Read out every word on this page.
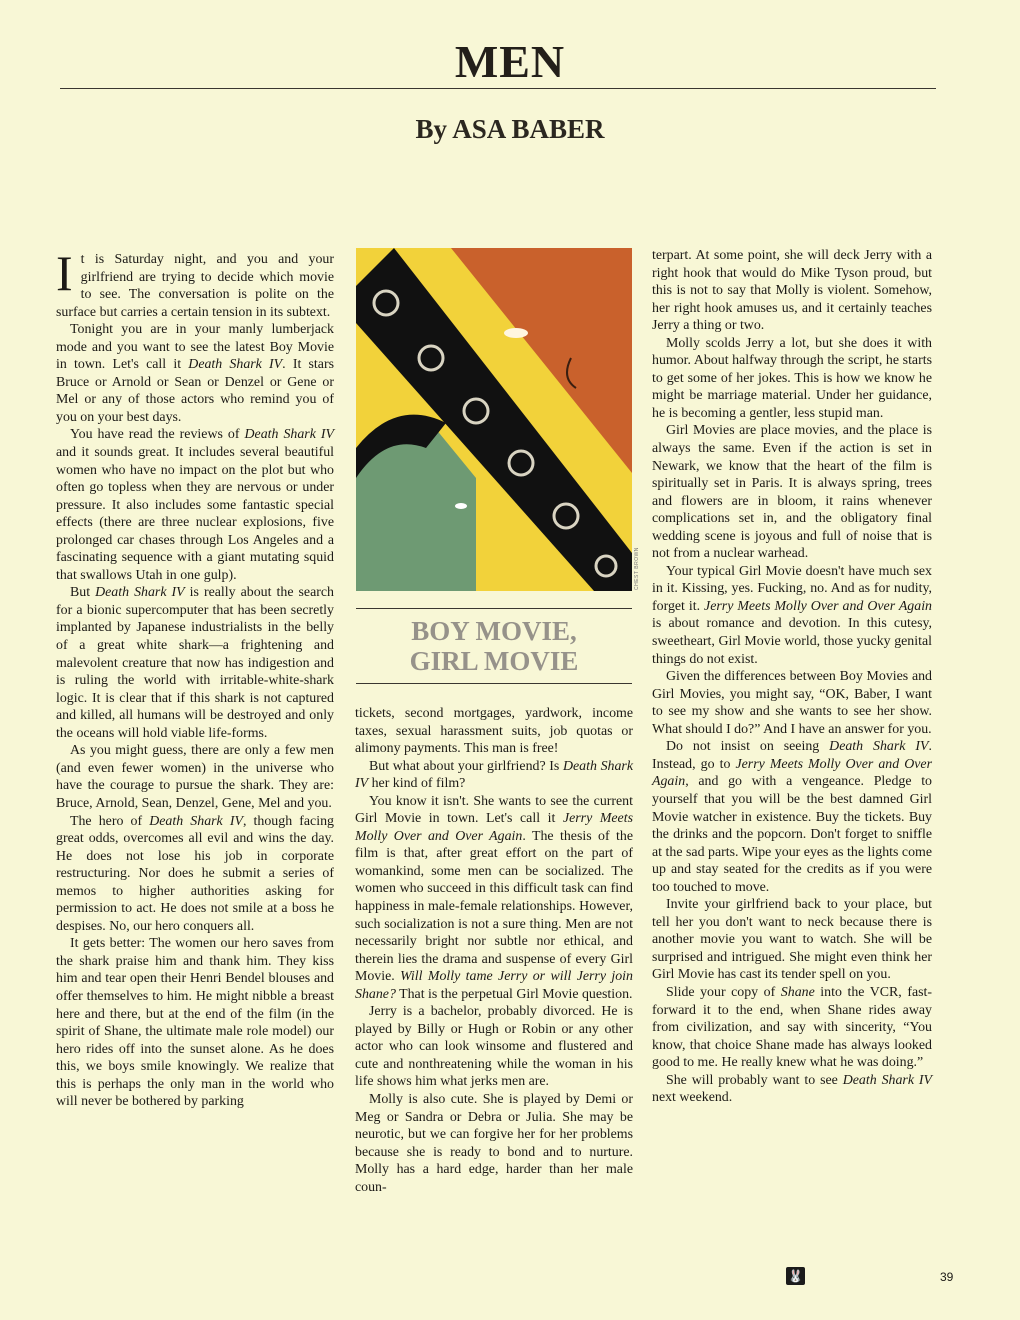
MEN
By ASA BABER

I t is Saturday night, and you and your girlfriend are trying to decide which movie to see. The conversation is polite on the surface but carries a certain tension in its subtext.

Tonight you are in your manly lumberjack mode and you want to see the latest Boy Movie in town. Let's call it Death Shark IV. It stars Bruce or Arnold or Sean or Denzel or Gene or Mel or any of those actors who remind you of you on your best days.

You have read the reviews of Death Shark IV and it sounds great. It includes several beautiful women who have no impact on the plot but who often go topless when they are nervous or under pressure. It also includes some fantastic special effects (there are three nuclear explosions, five prolonged car chases through Los Angeles and a fascinating sequence with a giant mutating squid that swallows Utah in one gulp).

But Death Shark IV is really about the search for a bionic supercomputer that has been secretly implanted by Japanese industrialists in the belly of a great white shark—a frightening and malevolent creature that now has indigestion and is ruling the world with irritable-white-shark logic. It is clear that if this shark is not captured and killed, all humans will be destroyed and only the oceans will hold viable life-forms.

As you might guess, there are only a few men (and even fewer women) in the universe who have the courage to pursue the shark. They are: Bruce, Arnold, Sean, Denzel, Gene, Mel and you.

The hero of Death Shark IV, though facing great odds, overcomes all evil and wins the day. He does not lose his job in corporate restructuring. Nor does he submit a series of memos to higher authorities asking for permission to act. He does not smile at a boss he despises. No, our hero conquers all.

It gets better: The women our hero saves from the shark praise him and thank him. They kiss him and tear open their Henri Bendel blouses and offer themselves to him. He might nibble a breast here and there, but at the end of the film (in the spirit of Shane, the ultimate male role model) our hero rides off into the sunset alone. As he does this, we boys smile knowingly. We realize that this is perhaps the only man in the world who will never be bothered by parking

CHEST BROWN
BOY MOVIE,
GIRL MOVIE

tickets, second mortgages, yardwork, income taxes, sexual harassment suits, job quotas or alimony payments. This man is free!

But what about your girlfriend? Is Death Shark IV her kind of film?

You know it isn't. She wants to see the current Girl Movie in town. Let's call it Jerry Meets Molly Over and Over Again. The thesis of the film is that, after great effort on the part of womankind, some men can be socialized. The women who succeed in this difficult task can find happiness in male-female relationships. However, such socialization is not a sure thing. Men are not necessarily bright nor subtle nor ethical, and therein lies the drama and suspense of every Girl Movie. Will Molly tame Jerry or will Jerry join Shane? That is the perpetual Girl Movie question.

Jerry is a bachelor, probably divorced. He is played by Billy or Hugh or Robin or any other actor who can look winsome and flustered and cute and nonthreatening while the woman in his life shows him what jerks men are.

Molly is also cute. She is played by Demi or Meg or Sandra or Debra or Julia. She may be neurotic, but we can forgive her for her problems because she is ready to bond and to nurture. Molly has a hard edge, harder than her male coun-

terpart. At some point, she will deck Jerry with a right hook that would do Mike Tyson proud, but this is not to say that Molly is violent. Somehow, her right hook amuses us, and it certainly teaches Jerry a thing or two.

Molly scolds Jerry a lot, but she does it with humor. About halfway through the script, he starts to get some of her jokes. This is how we know he might be marriage material. Under her guidance, he is becoming a gentler, less stupid man.

Girl Movies are place movies, and the place is always the same. Even if the action is set in Newark, we know that the heart of the film is spiritually set in Paris. It is always spring, trees and flowers are in bloom, it rains whenever complications set in, and the obligatory final wedding scene is joyous and full of noise that is not from a nuclear warhead.

Your typical Girl Movie doesn't have much sex in it. Kissing, yes. Fucking, no. And as for nudity, forget it. Jerry Meets Molly Over and Over Again is about romance and devotion. In this cutesy, sweetheart, Girl Movie world, those yucky genital things do not exist.

Given the differences between Boy Movies and Girl Movies, you might say, “OK, Baber, I want to see my show and she wants to see her show. What should I do?” And I have an answer for you.

Do not insist on seeing Death Shark IV. Instead, go to Jerry Meets Molly Over and Over Again, and go with a vengeance. Pledge to yourself that you will be the best damned Girl Movie watcher in existence. Buy the tickets. Buy the drinks and the popcorn. Don't forget to sniffle at the sad parts. Wipe your eyes as the lights come up and stay seated for the credits as if you were too touched to move.

Invite your girlfriend back to your place, but tell her you don't want to neck because there is another movie you want to watch. She will be surprised and intrigued. She might even think her Girl Movie has cast its tender spell on you.

Slide your copy of Shane into the VCR, fast-forward it to the end, when Shane rides away from civilization, and say with sincerity, “You know, that choice Shane made has always looked good to me. He really knew what he was doing.”

She will probably want to see Death Shark IV next weekend.

🐰	39
